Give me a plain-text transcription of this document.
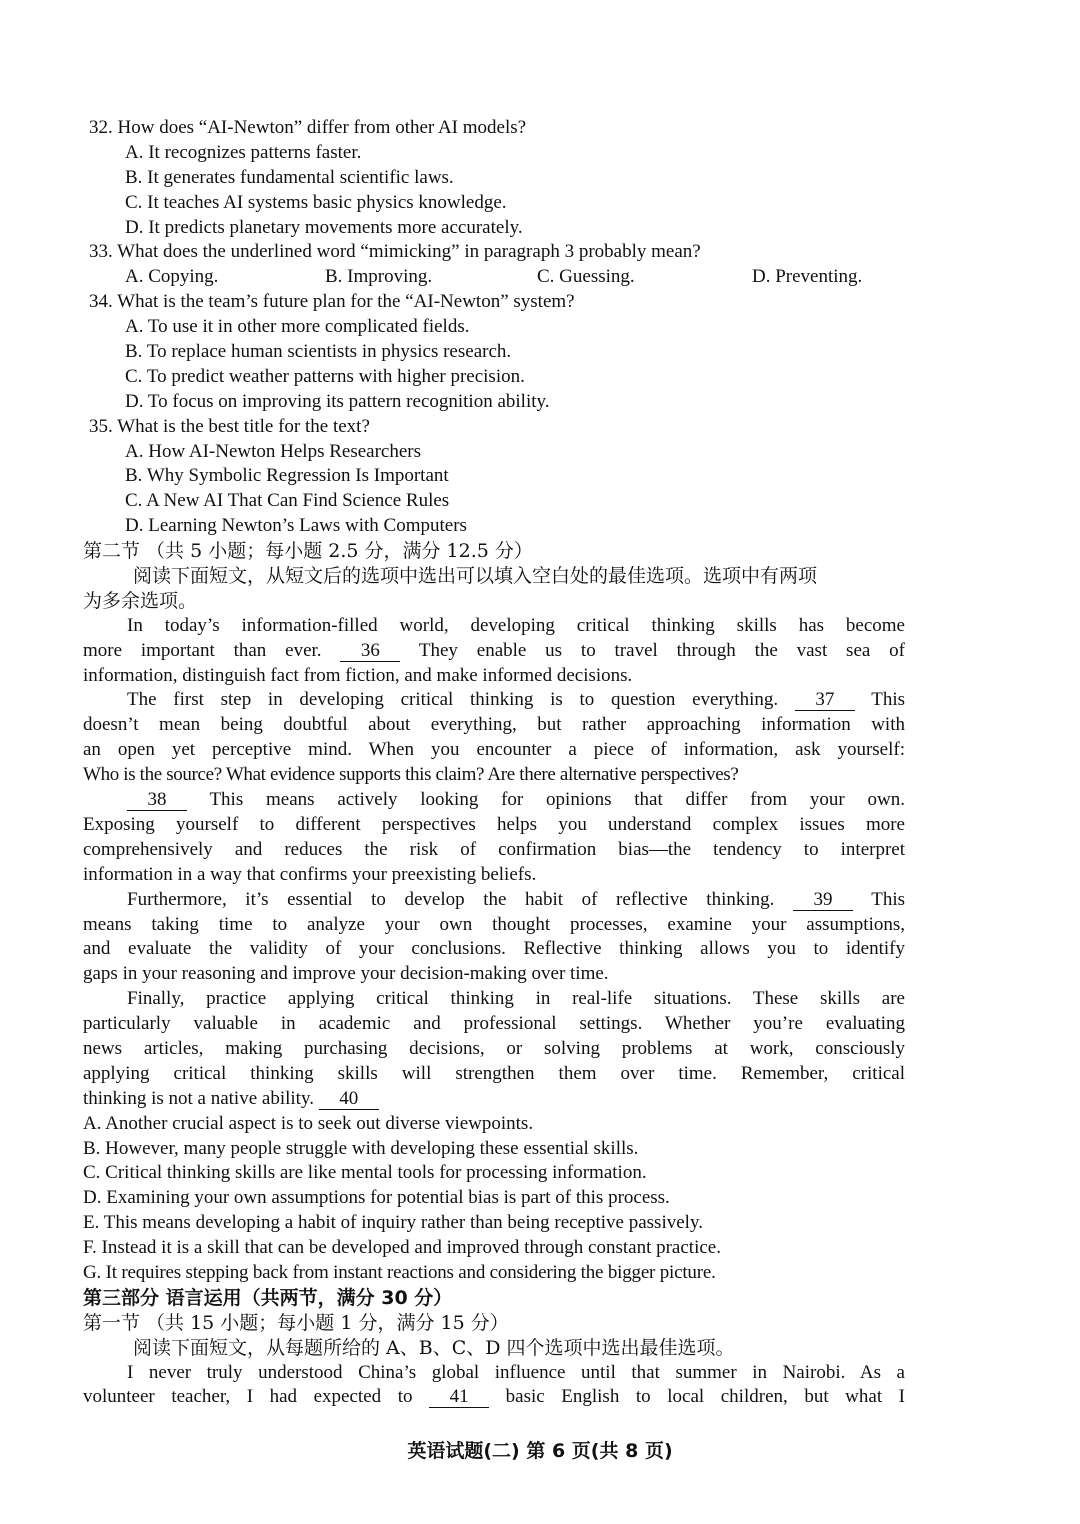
32. How does “AI-Newton” differ from other AI models?
A. It recognizes patterns faster.
B. It generates fundamental scientific laws.
C. It teaches AI systems basic physics knowledge.
D. It predicts planetary movements more accurately.
33. What does the underlined word “mimicking” in paragraph 3 probably mean?
A. Copying.	B. Improving.	C. Guessing.	D. Preventing.
34. What is the team’s future plan for the “AI-Newton” system?
A. To use it in other more complicated fields.
B. To replace human scientists in physics research.
C. To predict weather patterns with higher precision.
D. To focus on improving its pattern recognition ability.
35. What is the best title for the text?
A. How AI-Newton Helps Researchers
B. Why Symbolic Regression Is Important
C. A New AI That Can Find Science Rules
D. Learning Newton’s Laws with Computers
第二节 （共 5 小题；每小题 2.5 分，满分 12.5 分）
阅读下面短文，从短文后的选项中选出可以填入空白处的最佳选项。选项中有两项
为多余选项。
In today’s information-filled world, developing critical thinking skills has become
more important than ever. 36 They enable us to travel through the vast sea of
information, distinguish fact from fiction, and make informed decisions.
The first step in developing critical thinking is to question everything. 37 This
doesn’t mean being doubtful about everything, but rather approaching information with
an open yet perceptive mind. When you encounter a piece of information, ask yourself:
Who is the source? What evidence supports this claim? Are there alternative perspectives?
38 This means actively looking for opinions that differ from your own.
Exposing yourself to different perspectives helps you understand complex issues more
comprehensively and reduces the risk of confirmation bias—the tendency to interpret
information in a way that confirms your preexisting beliefs.
Furthermore, it’s essential to develop the habit of reflective thinking. 39 This
means taking time to analyze your own thought processes, examine your assumptions,
and evaluate the validity of your conclusions. Reflective thinking allows you to identify
gaps in your reasoning and improve your decision-making over time.
Finally, practice applying critical thinking in real-life situations. These skills are
particularly valuable in academic and professional settings. Whether you’re evaluating
news articles, making purchasing decisions, or solving problems at work, consciously
applying critical thinking skills will strengthen them over time. Remember, critical
thinking is not a native ability. 40
A. Another crucial aspect is to seek out diverse viewpoints.
B. However, many people struggle with developing these essential skills.
C. Critical thinking skills are like mental tools for processing information.
D. Examining your own assumptions for potential bias is part of this process.
E. This means developing a habit of inquiry rather than being receptive passively.
F. Instead it is a skill that can be developed and improved through constant practice.
G. It requires stepping back from instant reactions and considering the bigger picture.
第三部分 语言运用（共两节，满分 30 分）
第一节 （共 15 小题；每小题 1 分，满分 15 分）
阅读下面短文，从每题所给的 A、B、C、D 四个选项中选出最佳选项。
I never truly understood China’s global influence until that summer in Nairobi. As a
volunteer teacher, I had expected to 41 basic English to local children, but what I
英语试题(二) 第 6 页(共 8 页)
